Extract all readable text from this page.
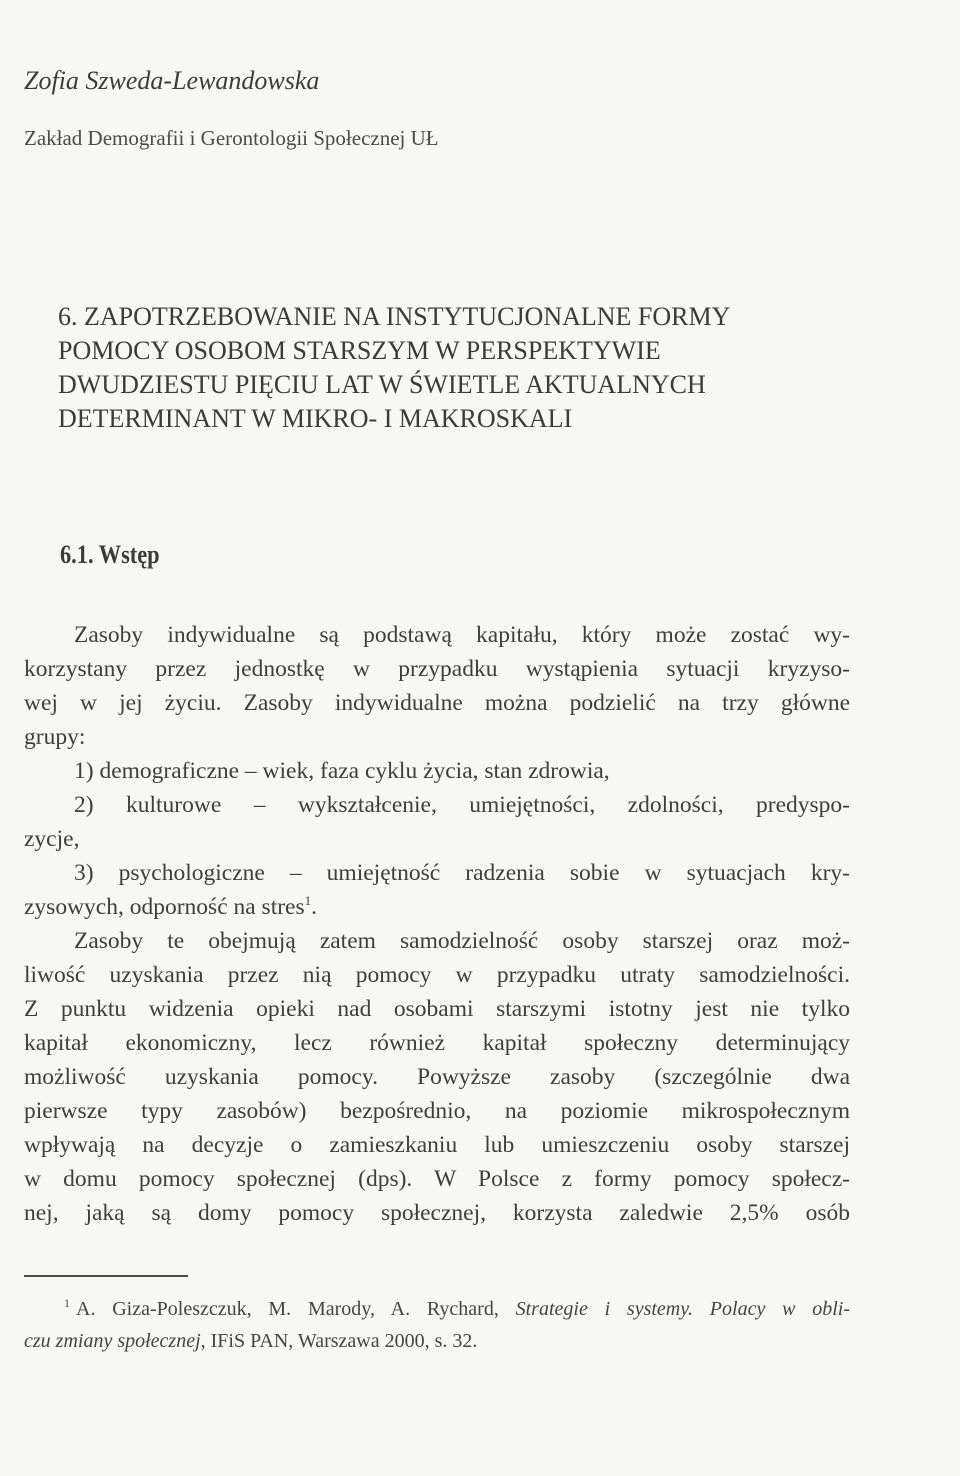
Zofia Szweda-Lewandowska
Zakład Demografii i Gerontologii Społecznej UŁ
6. ZAPOTRZEBOWANIE NA INSTYTUCJONALNE FORMY
POMOCY OSOBOM STARSZYM W PERSPEKTYWIE
DWUDZIESTU PIĘCIU LAT W ŚWIETLE AKTUALNYCH
DETERMINANT W MIKRO- I MAKROSKALI
6.1. Wstęp
Zasoby indywidualne są podstawą kapitału, który może zostać wy-
korzystany przez jednostkę w przypadku wystąpienia sytuacji kryzyso-
wej w jej życiu. Zasoby indywidualne można podzielić na trzy główne
grupy:
1) demograficzne – wiek, faza cyklu życia, stan zdrowia,
2) kulturowe – wykształcenie, umiejętności, zdolności, predyspo-
zycje,
3) psychologiczne – umiejętność radzenia sobie w sytuacjach kry-
zysowych, odporność na stres$^1$.
Zasoby te obejmują zatem samodzielność osoby starszej oraz moż-
liwość uzyskania przez nią pomocy w przypadku utraty samodzielności.
Z punktu widzenia opieki nad osobami starszymi istotny jest nie tylko
kapitał ekonomiczny, lecz również kapitał społeczny determinujący
możliwość uzyskania pomocy. Powyższe zasoby (szczególnie dwa
pierwsze typy zasobów) bezpośrednio, na poziomie mikrospołecznym
wpływają na decyzje o zamieszkaniu lub umieszczeniu osoby starszej
w domu pomocy społecznej (dps). W Polsce z formy pomocy społecz-
nej, jaką są domy pomocy społecznej, korzysta zaledwie 2,5% osób
$^1$ A. Giza-Poleszczuk, M. Marody, A. Rychard, Strategie i systemy. Polacy w obli-
czu zmiany społecznej, IFiS PAN, Warszawa 2000, s. 32.
